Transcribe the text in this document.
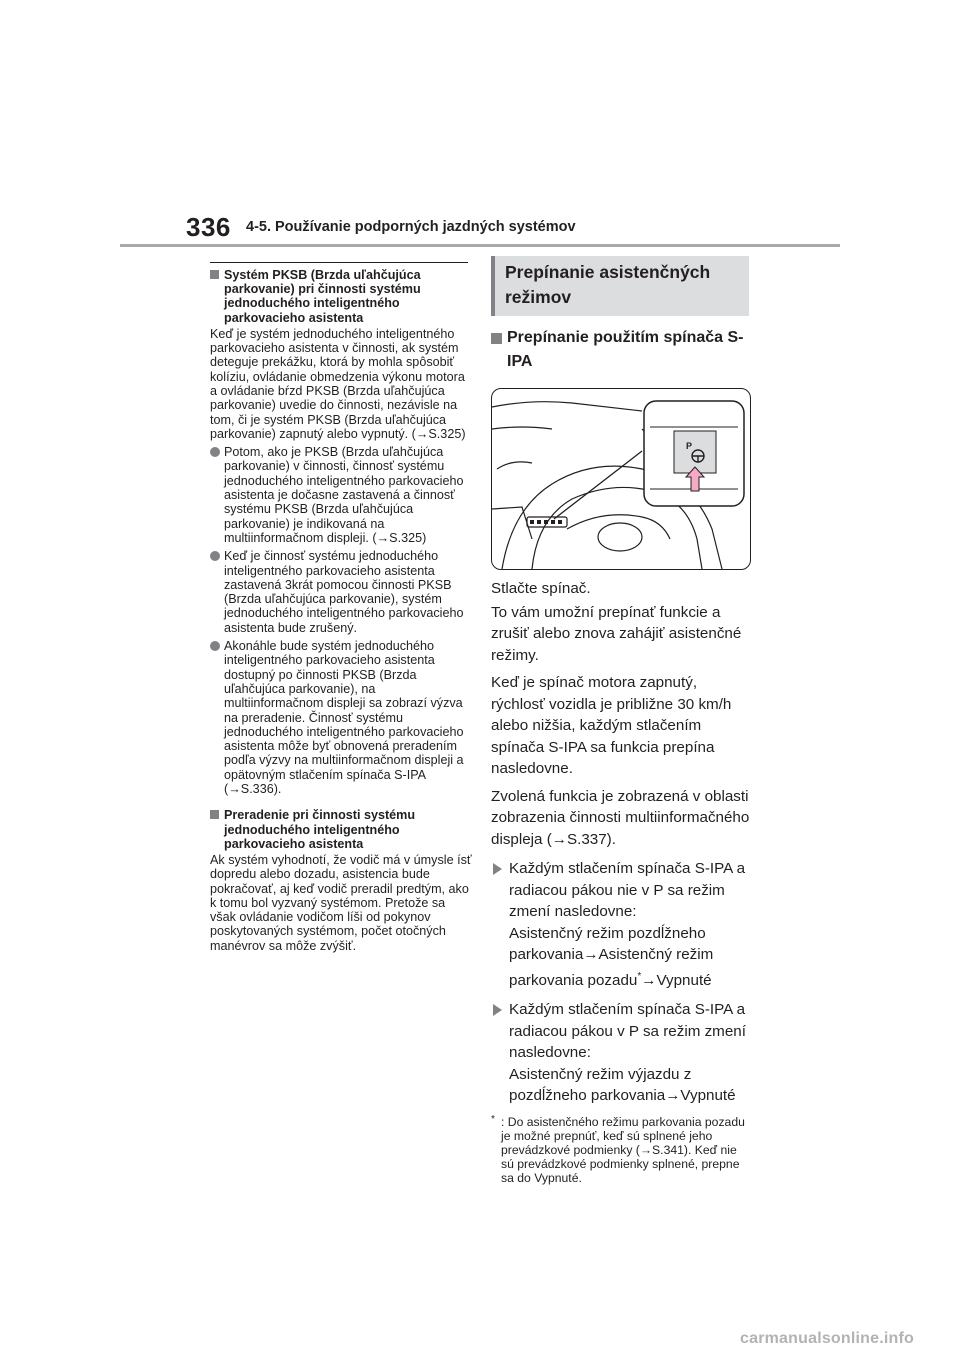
336 4-5. Používanie podporných jazdných systémov
Systém PKSB (Brzda uľahčujúca parkovanie) pri činnosti systému jednoduchého inteligentného parkovacieho asistenta
Keď je systém jednoduchého inteligentného parkovacieho asistenta v činnosti, ak systém deteguje prekážku, ktorá by mohla spôsobiť kolíziu, ovládanie obmedzenia výkonu motora a ovládanie bŕzd PKSB (Brzda uľahčujúca parkovanie) uvedie do činnosti, nezávisle na tom, či je systém PKSB (Brzda uľahčujúca parkovanie) zapnutý alebo vypnutý. (→S.325)
Potom, ako je PKSB (Brzda uľahčujúca parkovanie) v činnosti, činnosť systému jednoduchého inteligentného parkovacieho asistenta je dočasne zastavená a činnosť systému PKSB (Brzda uľahčujúca parkovanie) je indikovaná na multiinformačnom displeji. (→S.325)
Keď je činnosť systému jednoduchého inteligentného parkovacieho asistenta zastavená 3krát pomocou činnosti PKSB (Brzda uľahčujúca parkovanie), systém jednoduchého inteligentného parkovacieho asistenta bude zrušený.
Akonáhle bude systém jednoduchého inteligentného parkovacieho asistenta dostupný po činnosti PKSB (Brzda uľahčujúca parkovanie), na multiinformačnom displeji sa zobrazí výzva na preradenie. Činnosť systému jednoduchého inteligentného parkovacieho asistenta môže byť obnovená preradením podľa výzvy na multiinformačnom displeji a opätovným stlačením spínača S-IPA (→S.336).
Preradenie pri činnosti systému jednoduchého inteligentného parkovacieho asistenta
Ak systém vyhodnotí, že vodič má v úmysle ísť dopredu alebo dozadu, asistencia bude pokračovať, aj keď vodič preradil predtým, ako k tomu bol vyzvaný systémom. Pretože sa však ovládanie vodičom líši od pokynov poskytovaných systémom, počet otočných manévrov sa môže zvýšiť.
Prepínanie asistenčných režimov
Prepínanie použitím spínača S-IPA
P
Stlačte spínač.
To vám umožní prepínať funkcie a zrušiť alebo znova zahájiť asistenčné režimy.
Keď je spínač motora zapnutý, rýchlosť vozidla je približne 30 km/h alebo nižšia, každým stlačením spínača S-IPA sa funkcia prepína nasledovne.
Zvolená funkcia je zobrazená v oblasti zobrazenia činnosti multiinformačného displeja (→S.337).
Každým stlačením spínača S-IPA a radiacou pákou nie v P sa režim zmení nasledovne:
Asistenčný režim pozdĺžneho parkovania→Asistenčný režim parkovania pozadu*→Vypnuté
Každým stlačením spínača S-IPA a radiacou pákou v P sa režim zmení nasledovne:
Asistenčný režim výjazdu z pozdĺžneho parkovania→Vypnuté
* : Do asistenčného režimu parkovania pozadu je možné prepnúť, keď sú splnené jeho prevádzkové podmienky (→S.341). Keď nie sú prevádzkové podmienky splnené, prepne sa do Vypnuté.
carmanualsonline.info
